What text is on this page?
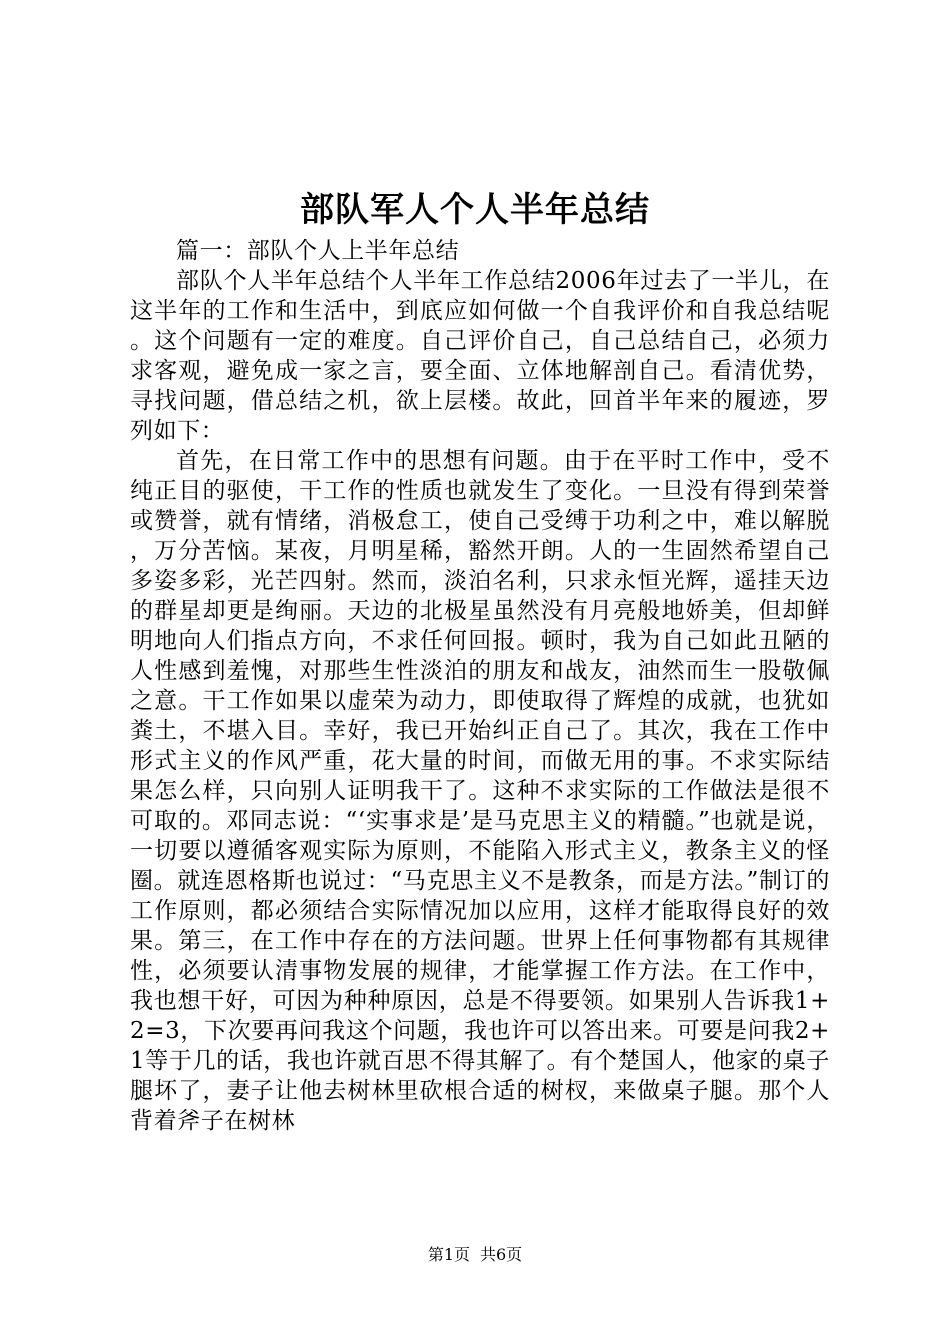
部队军人个人半年总结

篇一：部队个人上半年总结

部队个人半年总结个人半年工作总结2006年过去了一半儿，在这半年的工作和生活中，到底应如何做一个自我评价和自我总结呢。这个问题有一定的难度。自己评价自己，自己总结自己，必须力求客观，避免成一家之言，要全面、立体地解剖自己。看清优势，寻找问题，借总结之机，欲上层楼。故此，回首半年来的履迹，罗列如下：

首先，在日常工作中的思想有问题。由于在平时工作中，受不纯正目的驱使，干工作的性质也就发生了变化。一旦没有得到荣誉或赞誉，就有情绪，消极怠工，使自己受缚于功利之中，难以解脱，万分苦恼。某夜，月明星稀，豁然开朗。人的一生固然希望自己多姿多彩，光芒四射。然而，淡泊名利，只求永恒光辉，遥挂天边的群星却更是绚丽。天边的北极星虽然没有月亮般地娇美，但却鲜明地向人们指点方向，不求任何回报。顿时，我为自己如此丑陋的人性感到羞愧，对那些生性淡泊的朋友和战友，油然而生一股敬佩之意。干工作如果以虚荣为动力，即使取得了辉煌的成就，也犹如粪土，不堪入目。幸好，我已开始纠正自己了。其次，我在工作中形式主义的作风严重，花大量的时间，而做无用的事。不求实际结果怎么样，只向别人证明我干了。这种不求实际的工作做法是很不可取的。邓同志说：“‘实事求是’是马克思主义的精髓。”也就是说，一切要以遵循客观实际为原则，不能陷入形式主义，教条主义的怪圈。就连恩格斯也说过：“马克思主义不是教条，而是方法。”制订的工作原则，都必须结合实际情况加以应用，这样才能取得良好的效果。第三，在工作中存在的方法问题。世界上任何事物都有其规律性，必须要认清事物发展的规律，才能掌握工作方法。在工作中，我也想干好，可因为种种原因，总是不得要领。如果别人告诉我1+2=3，下次要再问我这个问题，我也许可以答出来。可要是问我2+1等于几的话，我也许就百思不得其解了。有个楚国人，他家的桌子腿坏了，妻子让他去树林里砍根合适的树杈，来做桌子腿。那个人背着斧子在树林

第1页 共6页
